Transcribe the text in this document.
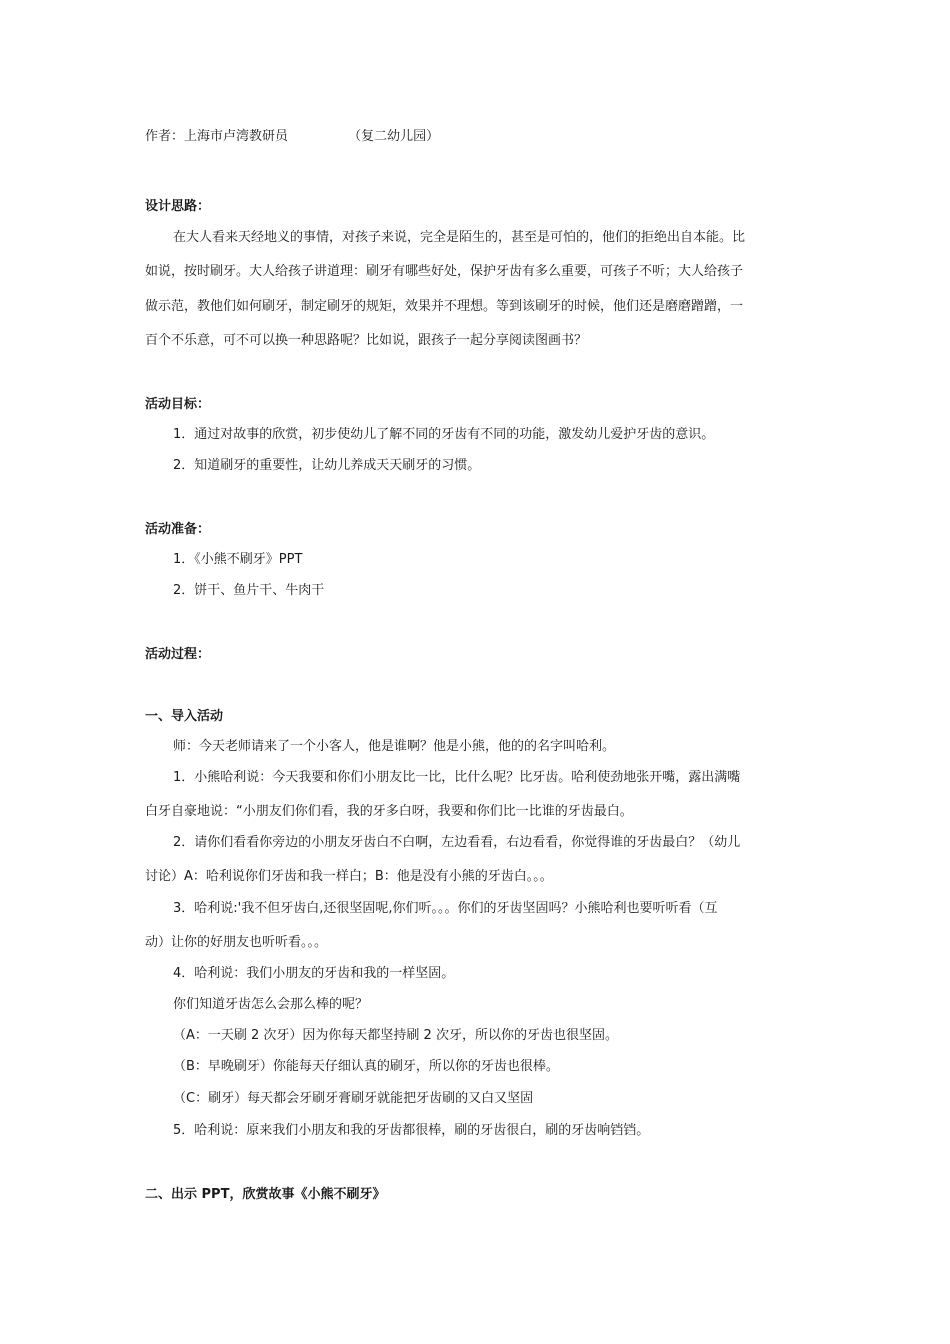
作者：上海市卢湾教研员	（复二幼儿园）
设计思路：
在大人看来天经地义的事情，对孩子来说，完全是陌生的，甚至是可怕的，他们的拒绝出自本能。比
如说，按时刷牙。大人给孩子讲道理：刷牙有哪些好处，保护牙齿有多么重要，可孩子不听；大人给孩子
做示范，教他们如何刷牙，制定刷牙的规矩，效果并不理想。等到该刷牙的时候，他们还是磨磨蹭蹭，一
百个不乐意，可不可以换一种思路呢？比如说，跟孩子一起分享阅读图画书？
活动目标：
1．通过对故事的欣赏，初步使幼儿了解不同的牙齿有不同的功能，激发幼儿爱护牙齿的意识。
2．知道刷牙的重要性，让幼儿养成天天刷牙的习惯。
活动准备：
1．《小熊不刷牙》PPT
2．饼干、鱼片干、牛肉干
活动过程：
一、导入活动
师：今天老师请来了一个小客人，他是谁啊？他是小熊，他的的名字叫哈利。
1．小熊哈利说：今天我要和你们小朋友比一比，比什么呢？比牙齿。哈利使劲地张开嘴，露出满嘴
白牙自豪地说：“小朋友们你们看，我的牙多白呀，我要和你们比一比谁的牙齿最白。
2．请你们看看你旁边的小朋友牙齿白不白啊，左边看看，右边看看，你觉得谁的牙齿最白？（幼儿
讨论）A：哈利说你们牙齿和我一样白；B：他是没有小熊的牙齿白。。。
3．哈利说:'我不但牙齿白,还很坚固呢,你们听。。。你们的牙齿坚固吗？小熊哈利也要听听看（互
动）让你的好朋友也听听看。。。
4．哈利说：我们小朋友的牙齿和我的一样坚固。
你们知道牙齿怎么会那么棒的呢？
（A：一天刷 2 次牙）因为你每天都坚持刷 2 次牙，所以你的牙齿也很坚固。
（B：早晚刷牙）你能每天仔细认真的刷牙，所以你的牙齿也很棒。
（C：刷牙）每天都会牙刷牙膏刷牙就能把牙齿刷的又白又坚固
5．哈利说：原来我们小朋友和我的牙齿都很棒，刷的牙齿很白，刷的牙齿响铛铛。
二、出示 PPT，欣赏故事《小熊不刷牙》
